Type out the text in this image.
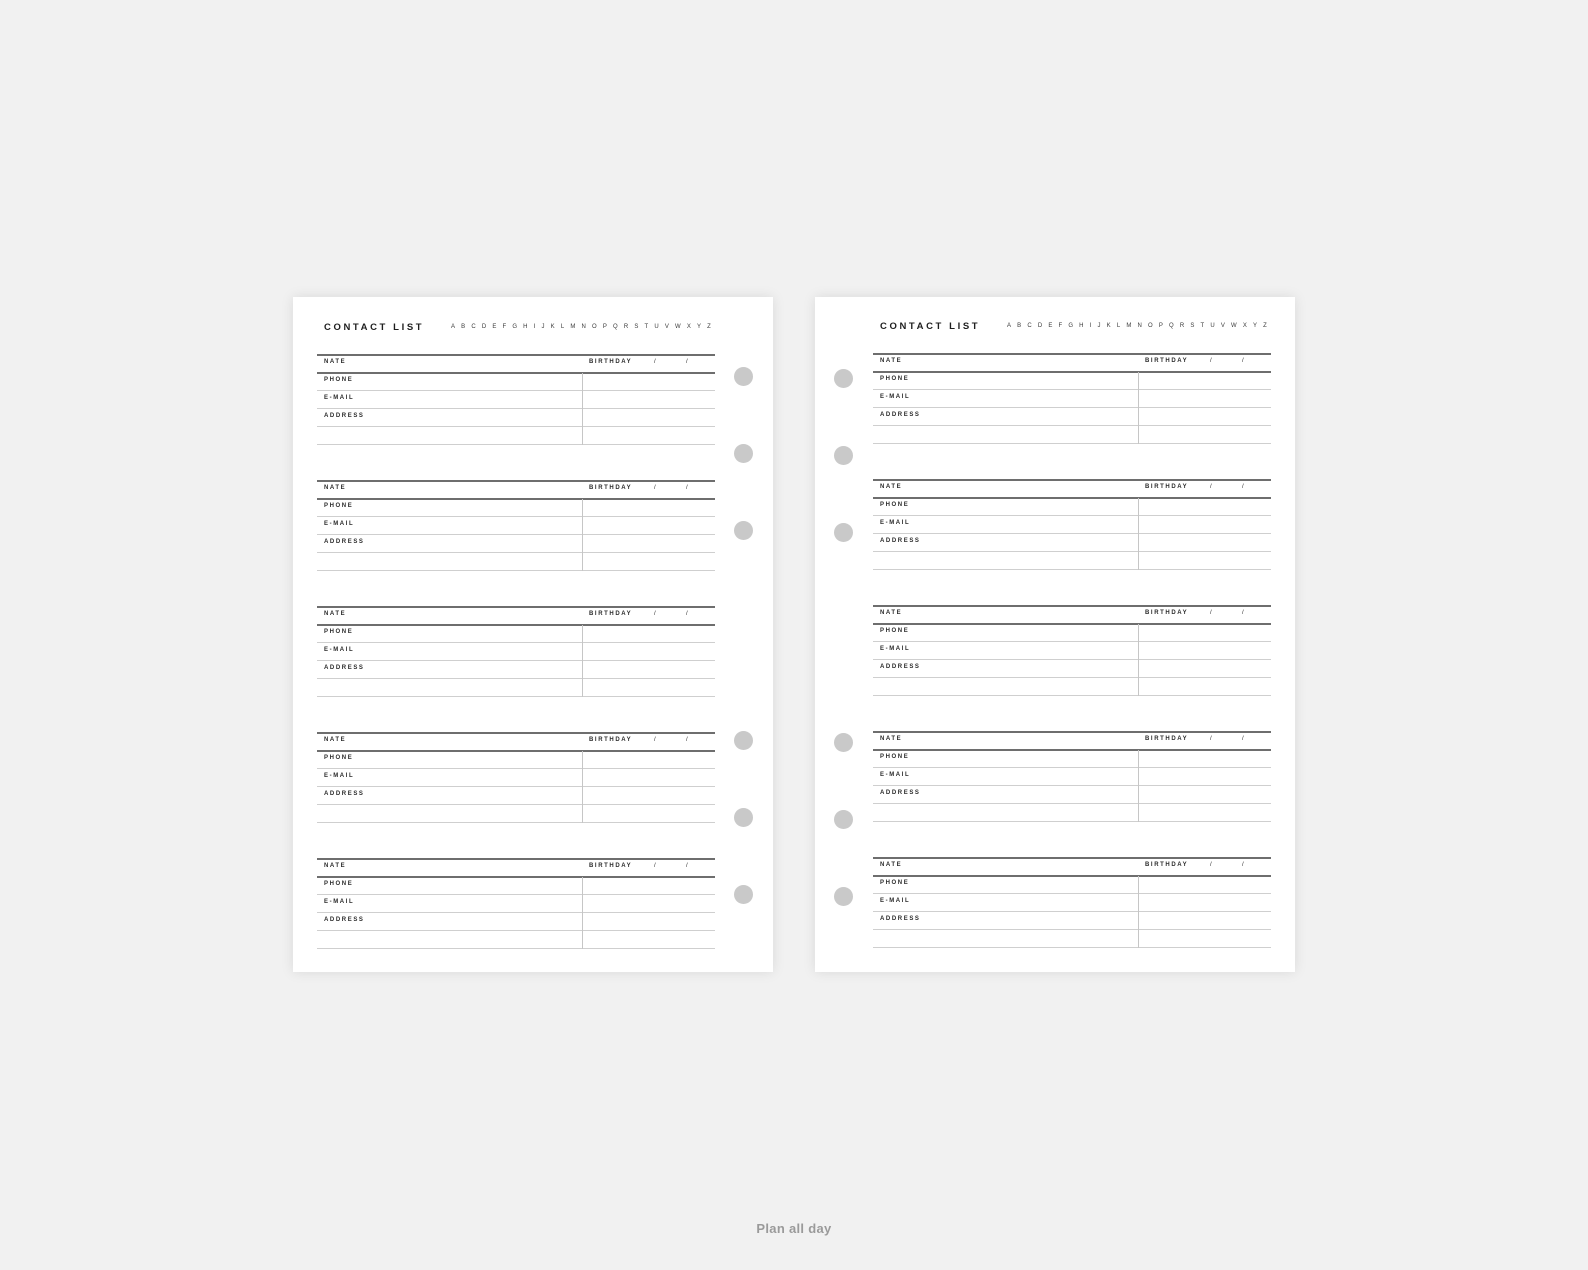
CONTACT LIST	A B C D E F G H I J K L M N O P Q R S T U V W X Y Z
NATE	BIRTHDAY	/	/
PHONE
E-MAIL
ADDRESS
NATE	BIRTHDAY	/	/
PHONE
E-MAIL
ADDRESS
NATE	BIRTHDAY	/	/
PHONE
E-MAIL
ADDRESS
NATE	BIRTHDAY	/	/
PHONE
E-MAIL
ADDRESS
NATE	BIRTHDAY	/	/
PHONE
E-MAIL
ADDRESS
CONTACT LIST	A B C D E F G H I J K L M N O P Q R S T U V W X Y Z
NATE	BIRTHDAY	/	/
PHONE
E-MAIL
ADDRESS
NATE	BIRTHDAY	/	/
PHONE
E-MAIL
ADDRESS
NATE	BIRTHDAY	/	/
PHONE
E-MAIL
ADDRESS
NATE	BIRTHDAY	/	/
PHONE
E-MAIL
ADDRESS
NATE	BIRTHDAY	/	/
PHONE
E-MAIL
ADDRESS
Plan all day
